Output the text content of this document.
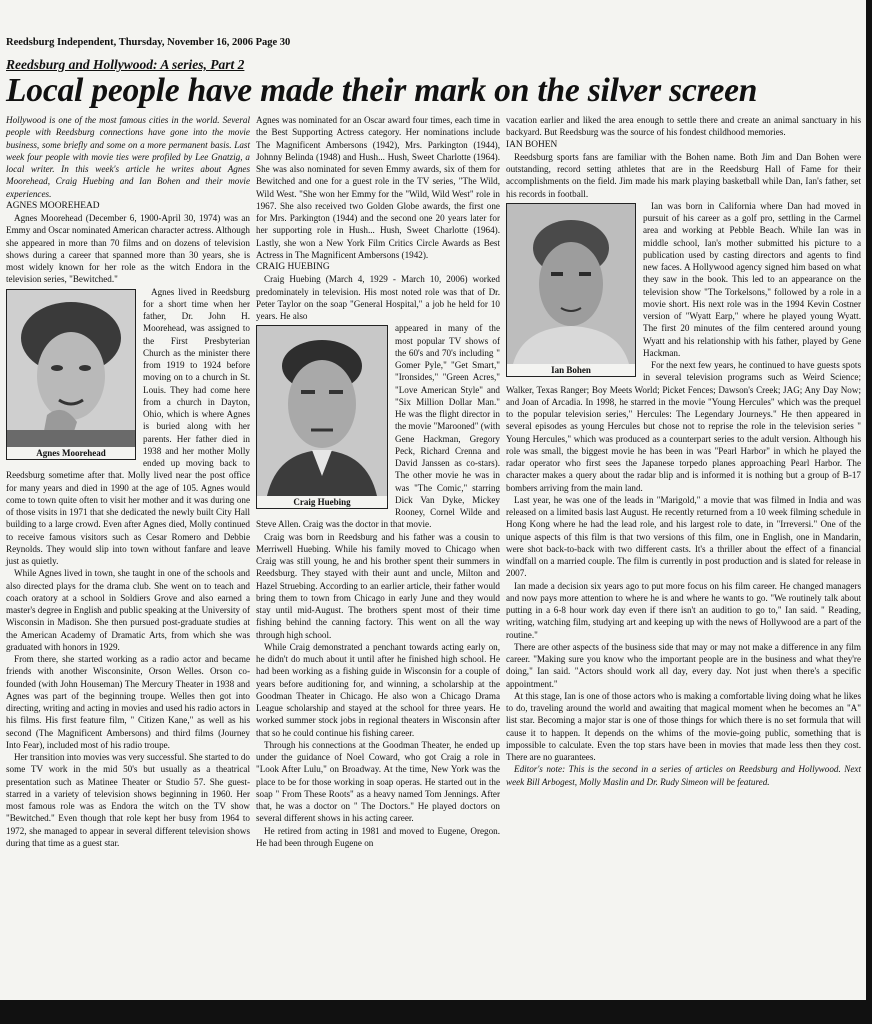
Reedsburg Independent, Thursday, November 16, 2006 Page 30
Reedsburg and Hollywood: A series, Part 2
Local people have made their mark on the silver screen

Hollywood is one of the most famous cities in the world. Several people with Reedsburg connections have gone into the movie business, some briefly and some on a more permanent basis. Last week four people with movie ties were profiled by Lee Gnatzig, a local writer. In this week's article he writes about Agnes Moorehead, Craig Huebing and Ian Bohen and their movie experiences.

AGNES MOOREHEAD

Agnes Moorehead (December 6, 1900-April 30, 1974) was an Emmy and Oscar nominated American character actress. Although she appeared in more than 70 films and on dozens of television shows during a career that spanned more than 30 years, she is most widely known for her role as the witch Endora in the television series, "Bewitched."

Agnes Moorehead

Agnes lived in Reedsburg for a short time when her father, Dr. John H. Moorehead, was assigned to the First Presbyterian Church as the minister there from 1919 to 1924 before moving on to a church in St. Louis. They had come here from a church in Dayton, Ohio, which is where Agnes is buried along with her parents. Her father died in 1938 and her mother Molly ended up moving back to Reedsburg sometime after that. Molly lived near the post office for many years and died in 1990 at the age of 105. Agnes would come to town quite often to visit her mother and it was during one of those visits in 1971 that she dedicated the newly built City Hall building to a large crowd. Even after Agnes died, Molly continued to receive famous visitors such as Cesar Romero and Debbie Reynolds. They would slip into town without fanfare and leave just as quietly.

While Agnes lived in town, she taught in one of the schools and also directed plays for the drama club. She went on to teach and coach oratory at a school in Soldiers Grove and also earned a master's degree in English and public speaking at the University of Wisconsin in Madison. She then pursued post-graduate studies at the American Academy of Dramatic Arts, from which she was graduated with honors in 1929.

From there, she started working as a radio actor and became friends with another Wisconsinite, Orson Welles. Orson co-founded (with John Houseman) The Mercury Theater in 1938 and Agnes was part of the beginning troupe. Welles then got into directing, writing and acting in movies and used his radio actors in his films. His first feature film, " Citizen Kane," as well as his second (The Magnificent Ambersons) and third films (Journey Into Fear), included most of his radio troupe.

Her transition into movies was very successful. She started to do some TV work in the mid 50's but usually as a theatrical presentation such as Matinee Theater or Studio 57. She guest-starred in a variety of television shows beginning in 1960. Her most famous role was as Endora the witch on the TV show "Bewitched." Even though that role kept her busy from 1964 to 1972, she managed to appear in several different television shows during that time as a guest star.

Agnes was nominated for an Oscar award four times, each time in the Best Supporting Actress category. Her nominations include The Magnificent Ambersons (1942), Mrs. Parkington (1944), Johnny Belinda (1948) and Hush... Hush, Sweet Charlotte (1964). She was also nominated for seven Emmy awards, six of them for Bewitched and one for a guest role in the TV series, "The Wild, Wild West. "She won her Emmy for the "Wild, Wild West" role in 1967. She also received two Golden Globe awards, the first one for Mrs. Parkington (1944) and the second one 20 years later for her supporting role in Hush... Hush, Sweet Charlotte (1964). Lastly, she won a New York Film Critics Circle Awards as Best Actress in The Magnificent Ambersons (1942).

CRAIG HUEBING

Craig Huebing (March 4, 1929 - March 10, 2006) worked predominately in television. His most noted role was that of Dr. Peter Taylor on the soap "General Hospital," a job he held for 10 years. He also

Craig Huebing

appeared in many of the most popular TV shows of the 60's and 70's including " Gomer Pyle," "Get Smart," "Ironsides," "Green Acres," "Love American Style" and "Six Million Dollar Man." He was the flight director in the movie "Marooned" (with Gene Hackman, Gregory Peck, Richard Crenna and David Janssen as co-stars). The other movie he was in was "The Comic," starring Dick Van Dyke, Mickey Rooney, Cornel Wilde and Steve Allen. Craig was the doctor in that movie.

Craig was born in Reedsburg and his father was a cousin to Merriwell Huebing. While his family moved to Chicago when Craig was still young, he and his brother spent their summers in Reedsburg. They stayed with their aunt and uncle, Milton and Hazel Struebing. According to an earlier article, their father would bring them to town from Chicago in early June and they would stay until mid-August. The brothers spent most of their time fishing behind the canning factory. This went on all the way through high school.

While Craig demonstrated a penchant towards acting early on, he didn't do much about it until after he finished high school. He had been working as a fishing guide in Wisconsin for a couple of years before auditioning for, and winning, a scholarship at the Goodman Theater in Chicago. He also won a Chicago Drama League scholarship and stayed at the school for three years. He worked summer stock jobs in regional theaters in Wisconsin after that so he could continue his fishing career.

Through his connections at the Goodman Theater, he ended up under the guidance of Noel Coward, who got Craig a role in "Look After Lulu," on Broadway. At the time, New York was the place to be for those working in soap operas. He started out in the soap " From These Roots" as a heavy named Tom Jennings. After that, he was a doctor on " The Doctors." He played doctors on several different shows in his acting career.

He retired from acting in 1981 and moved to Eugene, Oregon. He had been through Eugene on

vacation earlier and liked the area enough to settle there and create an animal sanctuary in his backyard. But Reedsburg was the source of his fondest childhood memories.

IAN BOHEN

Reedsburg sports fans are familiar with the Bohen name. Both Jim and Dan Bohen were outstanding, record setting athletes that are in the Reedsburg Hall of Fame for their accomplishments on the field. Jim made his mark playing basketball while Dan, Ian's father, set his records in football.

Ian Bohen

Ian was born in California where Dan had moved in pursuit of his career as a golf pro, settling in the Carmel area and working at Pebble Beach. While Ian was in middle school, Ian's mother submitted his picture to a publication used by casting directors and agents to find new faces. A Hollywood agency signed him based on what they saw in the book. This led to an appearance on the television show "The Torkelsons," followed by a role in a movie short. His next role was in the 1994 Kevin Costner version of "Wyatt Earp," where he played young Wyatt. The first 20 minutes of the film centered around young Wyatt and his relationship with his father, played by Gene Hackman.

For the next few years, he continued to have guests spots in several television programs such as Weird Science; Walker, Texas Ranger; Boy Meets World; Picket Fences; Dawson's Creek; JAG; Any Day Now; and Joan of Arcadia. In 1998, he starred in the movie "Young Hercules" which was the prequel to the popular television series," Hercules: The Legendary Journeys." He then appeared in several episodes as young Hercules but chose not to reprise the role in the television series " Young Hercules," which was produced as a counterpart series to the adult version. Although his role was small, the biggest movie he has been in was "Pearl Harbor" in which he played the radar operator who first sees the Japanese torpedo planes approaching Pearl Harbor. The character makes a query about the radar blip and is informed it is nothing but a group of B-17 bombers arriving from the main land.

Last year, he was one of the leads in "Marigold," a movie that was filmed in India and was released on a limited basis last August. He recently returned from a 10 week filming schedule in Hong Kong where he had the lead role, and his largest role to date, in "Irreversi." One of the unique aspects of this film is that two versions of this film, one in English, one in Mandarin, were shot back-to-back with two different casts. It's a thriller about the effect of a financial windfall on a married couple. The film is currently in post production and is slated for release in 2007.

Ian made a decision six years ago to put more focus on his film career. He changed managers and now pays more attention to where he is and where he wants to go. "We routinely talk about putting in a 6-8 hour work day even if there isn't an audition to go to," Ian said. " Reading, writing, watching film, studying art and keeping up with the news of Hollywood are a part of the routine."

There are other aspects of the business side that may or may not make a difference in any film career. "Making sure you know who the important people are in the business and what they're doing," Ian said. "Actors should work all day, every day. Not just when there's a specific appointment."

At this stage, Ian is one of those actors who is making a comfortable living doing what he likes to do, traveling around the world and awaiting that magical moment when he becomes an "A" list star. Becoming a major star is one of those things for which there is no set formula that will cause it to happen. It depends on the whims of the movie-going public, something that is impossible to calculate. Even the top stars have been in movies that made less then they cost. There are no guarantees.

Editor's note: This is the second in a series of articles on Reedsburg and Hollywood. Next week Bill Arbogest, Molly Maslin and Dr. Rudy Simeon will be featured.
